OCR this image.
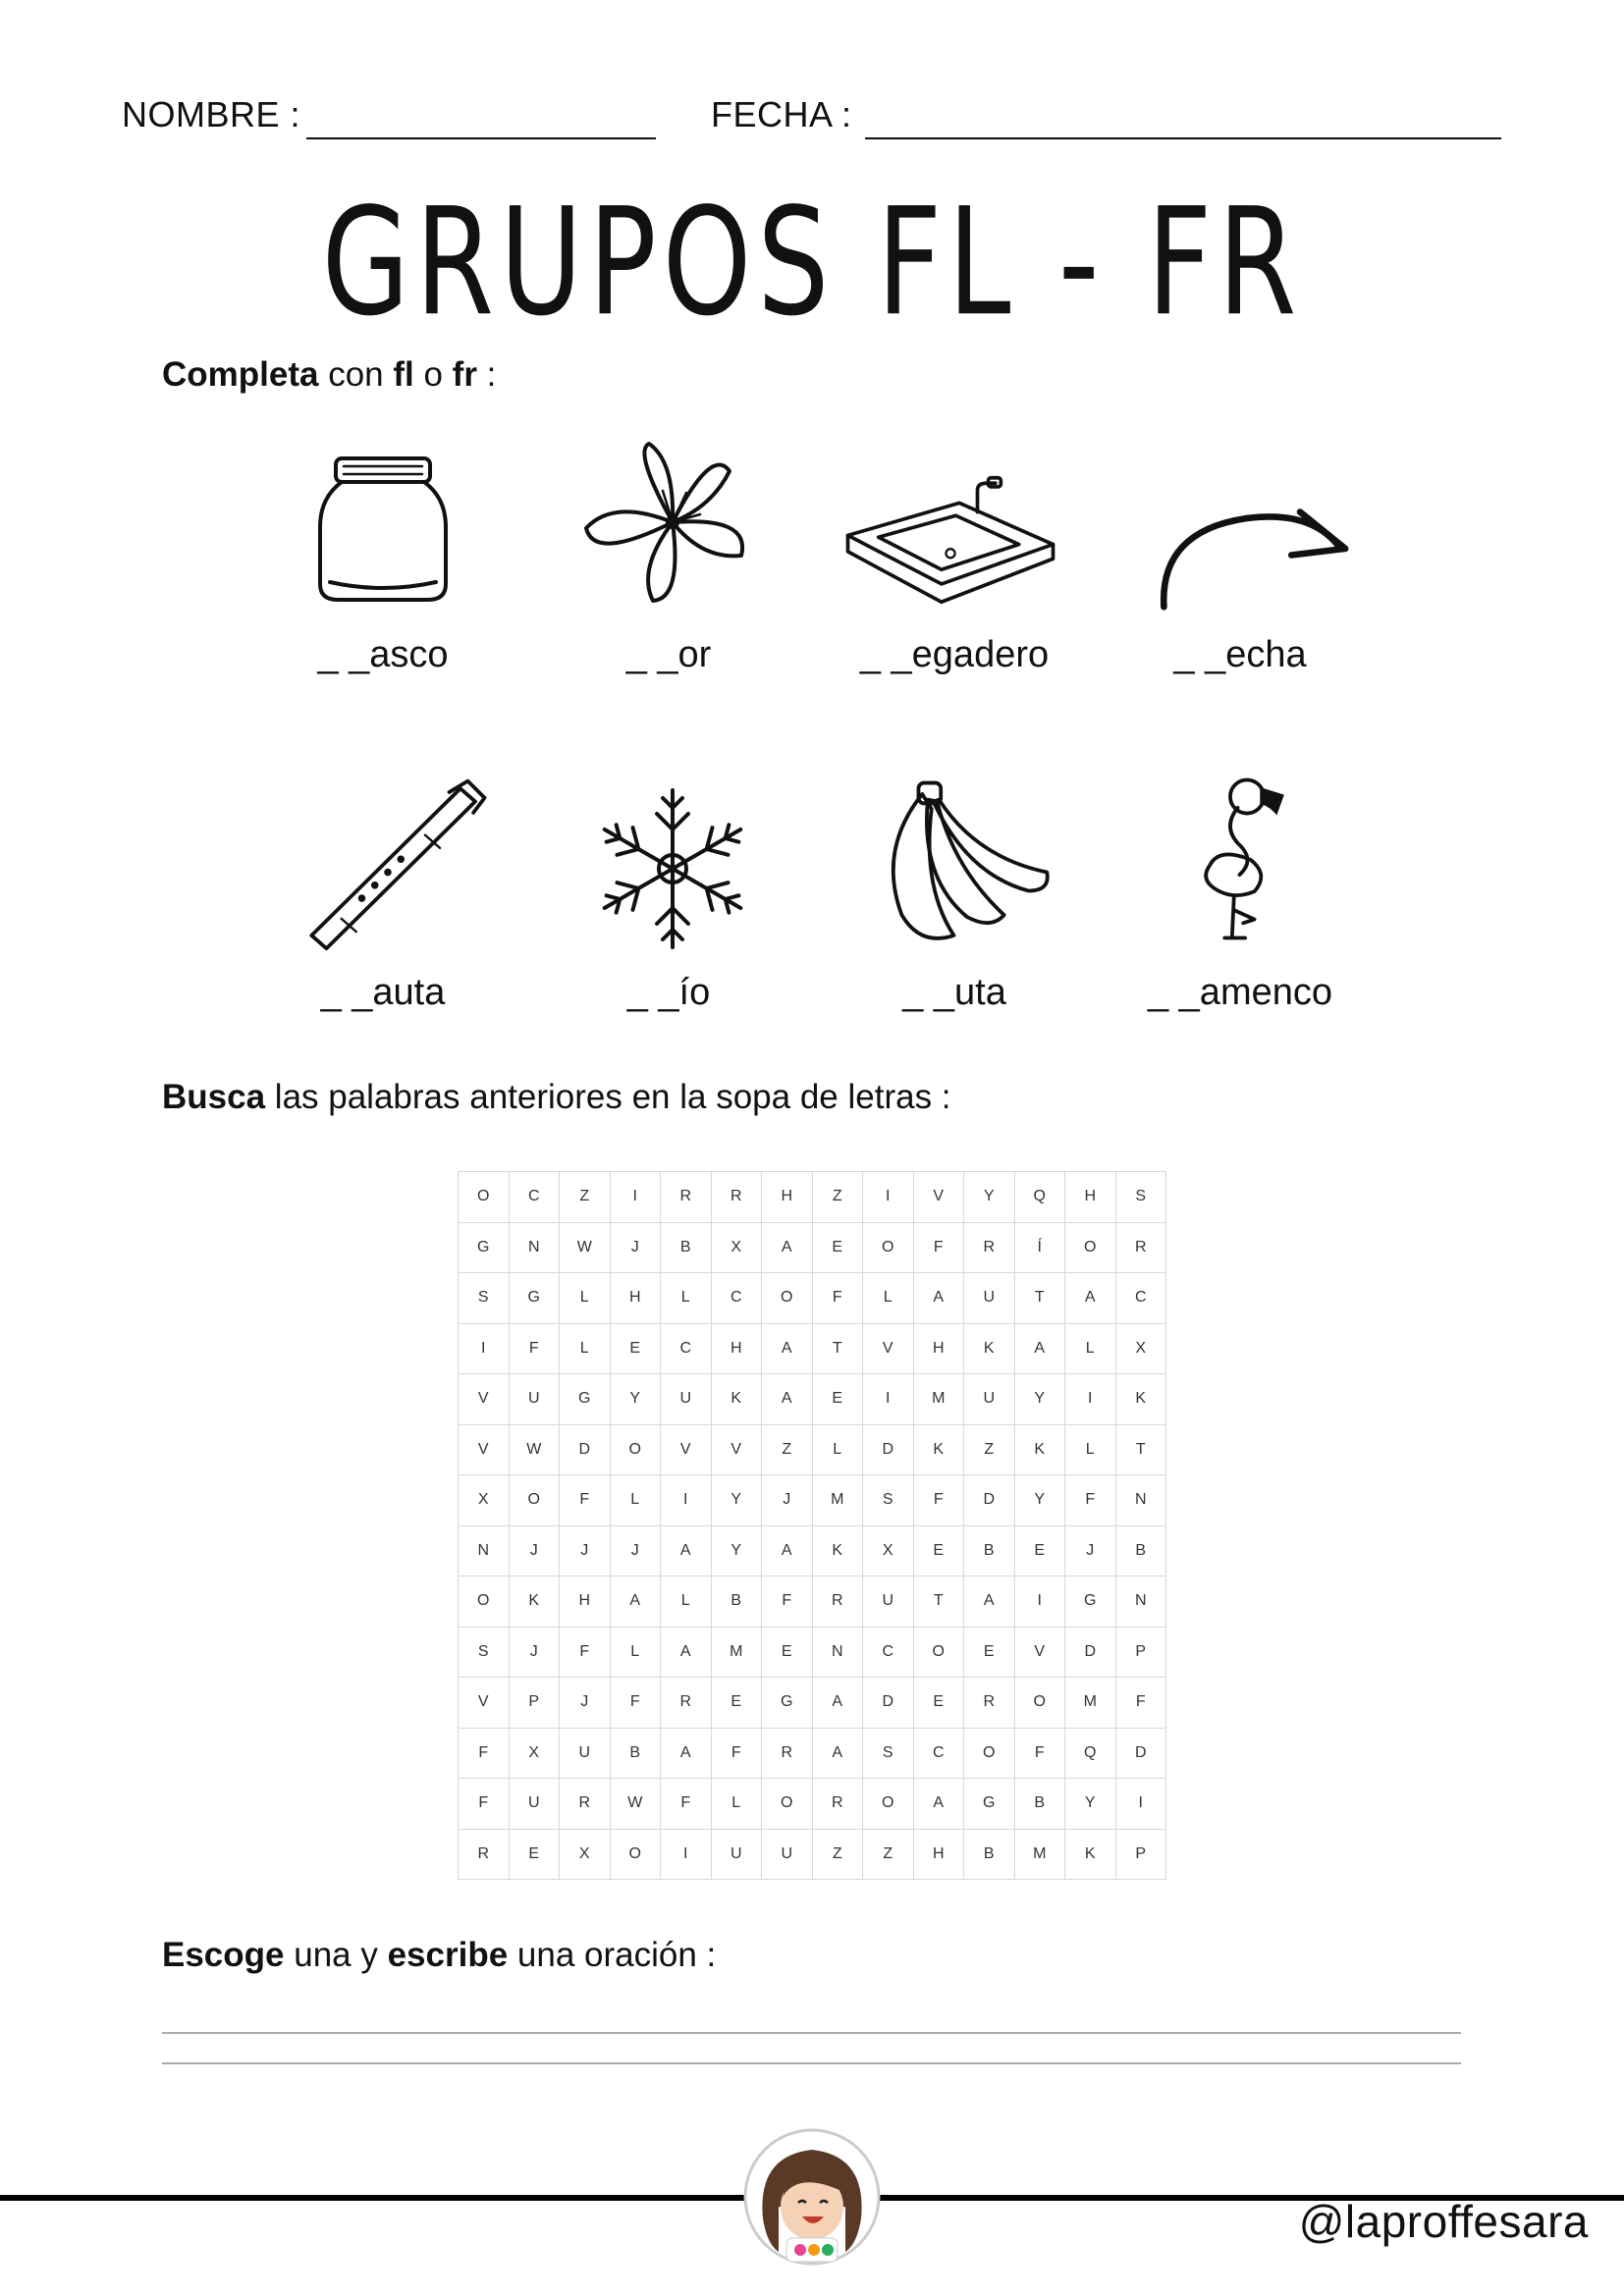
NOMBRE :	FECHA :
GRUPOS FL - FR
Completa con fl o fr :
_ _asco	_ _or	_ _egadero	_ _echa
_ _auta	_ _ío	_ _uta	_ _amenco
Busca las palabras anteriores en la sopa de letras :
O	C	Z	I	R	R	H	Z	I	V	Y	Q	H	S
G	N	W	J	B	X	A	E	O	F	R	Í	O	R
S	G	L	H	L	C	O	F	L	A	U	T	A	C
I	F	L	E	C	H	A	T	V	H	K	A	L	X
V	U	G	Y	U	K	A	E	I	M	U	Y	I	K
V	W	D	O	V	V	Z	L	D	K	Z	K	L	T
X	O	F	L	I	Y	J	M	S	F	D	Y	F	N
N	J	J	J	A	Y	A	K	X	E	B	E	J	B
O	K	H	A	L	B	F	R	U	T	A	I	G	N
S	J	F	L	A	M	E	N	C	O	E	V	D	P
V	P	J	F	R	E	G	A	D	E	R	O	M	F
F	X	U	B	A	F	R	A	S	C	O	F	Q	D
F	U	R	W	F	L	O	R	O	A	G	B	Y	I
R	E	X	O	I	U	U	Z	Z	H	B	M	K	P
Escoge una y escribe una oración :
@laproffesara
